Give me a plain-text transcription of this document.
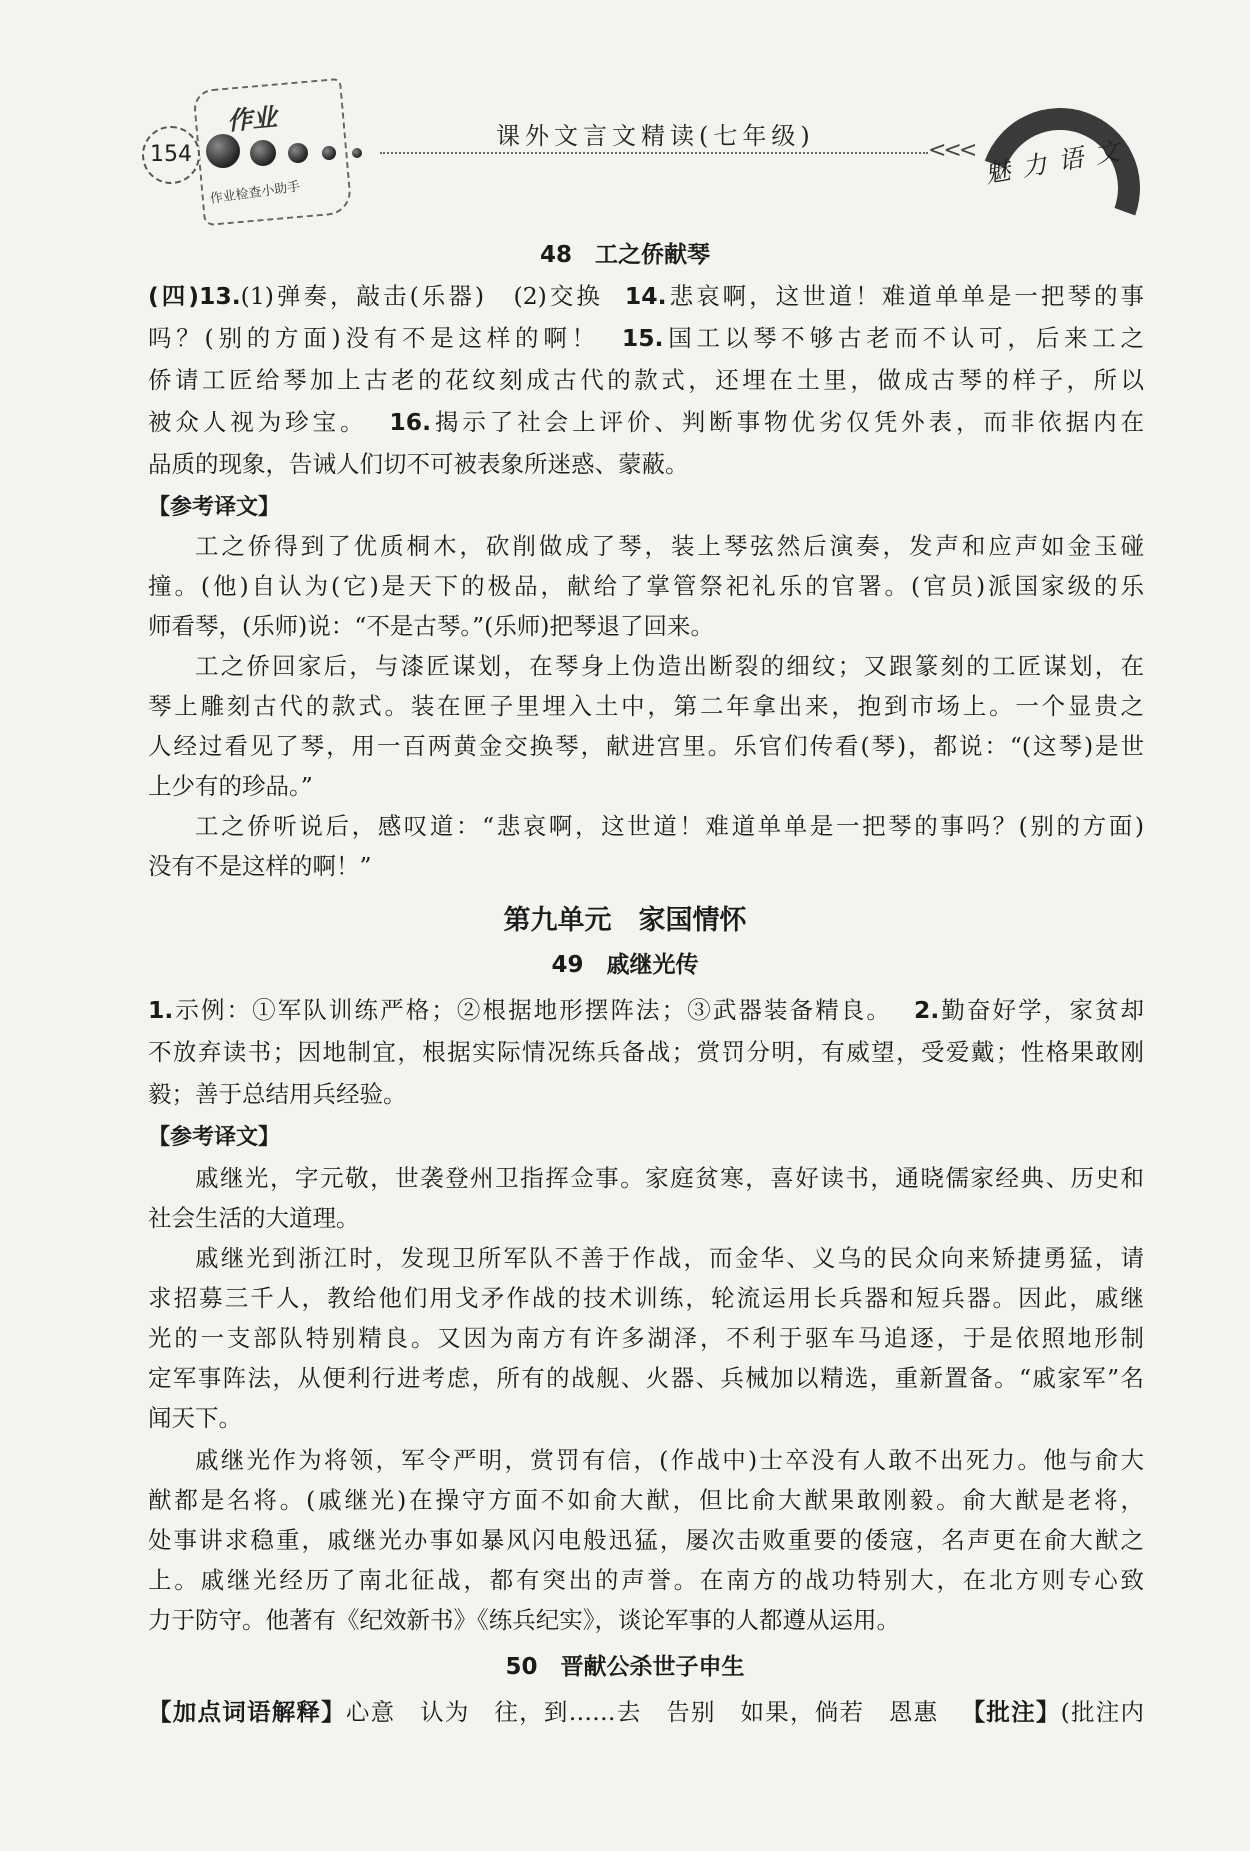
作业
作业检查小助手
154
课外文言文精读(七年级)
<<< 魅力语文
48　工之侨献琴
(四)13.(1)弹奏，敲击(乐器)　(2)交换 14.悲哀啊，这世道！难道单单是一把琴的事
吗？(别的方面)没有不是这样的啊！ 15.国工以琴不够古老而不认可，后来工之
侨请工匠给琴加上古老的花纹刻成古代的款式，还埋在土里，做成古琴的样子，所以
被众人视为珍宝。 16.揭示了社会上评价、判断事物优劣仅凭外表，而非依据内在
品质的现象，告诫人们切不可被表象所迷惑、蒙蔽。
【参考译文】
工之侨得到了优质桐木，砍削做成了琴，装上琴弦然后演奏，发声和应声如金玉碰
撞。(他)自认为(它)是天下的极品，献给了掌管祭祀礼乐的官署。(官员)派国家级的乐
师看琴，(乐师)说：“不是古琴。”(乐师)把琴退了回来。
工之侨回家后，与漆匠谋划，在琴身上伪造出断裂的细纹；又跟篆刻的工匠谋划，在
琴上雕刻古代的款式。装在匣子里埋入土中，第二年拿出来，抱到市场上。一个显贵之
人经过看见了琴，用一百两黄金交换琴，献进宫里。乐官们传看(琴)，都说：“(这琴)是世
上少有的珍品。”
工之侨听说后，感叹道：“悲哀啊，这世道！难道单单是一把琴的事吗？(别的方面)
没有不是这样的啊！”
第九单元　家国情怀
49　戚继光传
1.示例：①军队训练严格；②根据地形摆阵法；③武器装备精良。 2.勤奋好学，家贫却
不放弃读书；因地制宜，根据实际情况练兵备战；赏罚分明，有威望，受爱戴；性格果敢刚
毅；善于总结用兵经验。
【参考译文】
戚继光，字元敬，世袭登州卫指挥佥事。家庭贫寒，喜好读书，通晓儒家经典、历史和
社会生活的大道理。
戚继光到浙江时，发现卫所军队不善于作战，而金华、义乌的民众向来矫捷勇猛，请
求招募三千人，教给他们用戈矛作战的技术训练，轮流运用长兵器和短兵器。因此，戚继
光的一支部队特别精良。又因为南方有许多湖泽，不利于驱车马追逐，于是依照地形制
定军事阵法，从便利行进考虑，所有的战舰、火器、兵械加以精选，重新置备。“戚家军”名
闻天下。
戚继光作为将领，军令严明，赏罚有信，(作战中)士卒没有人敢不出死力。他与俞大
猷都是名将。(戚继光)在操守方面不如俞大猷，但比俞大猷果敢刚毅。俞大猷是老将，
处事讲求稳重，戚继光办事如暴风闪电般迅猛，屡次击败重要的倭寇，名声更在俞大猷之
上。戚继光经历了南北征战，都有突出的声誉。在南方的战功特别大，在北方则专心致
力于防守。他著有《纪效新书》《练兵纪实》，谈论军事的人都遵从运用。
50　晋献公杀世子申生
【加点词语解释】心意　认为　往，到……去　告别　如果，倘若　恩惠 【批注】(批注内
